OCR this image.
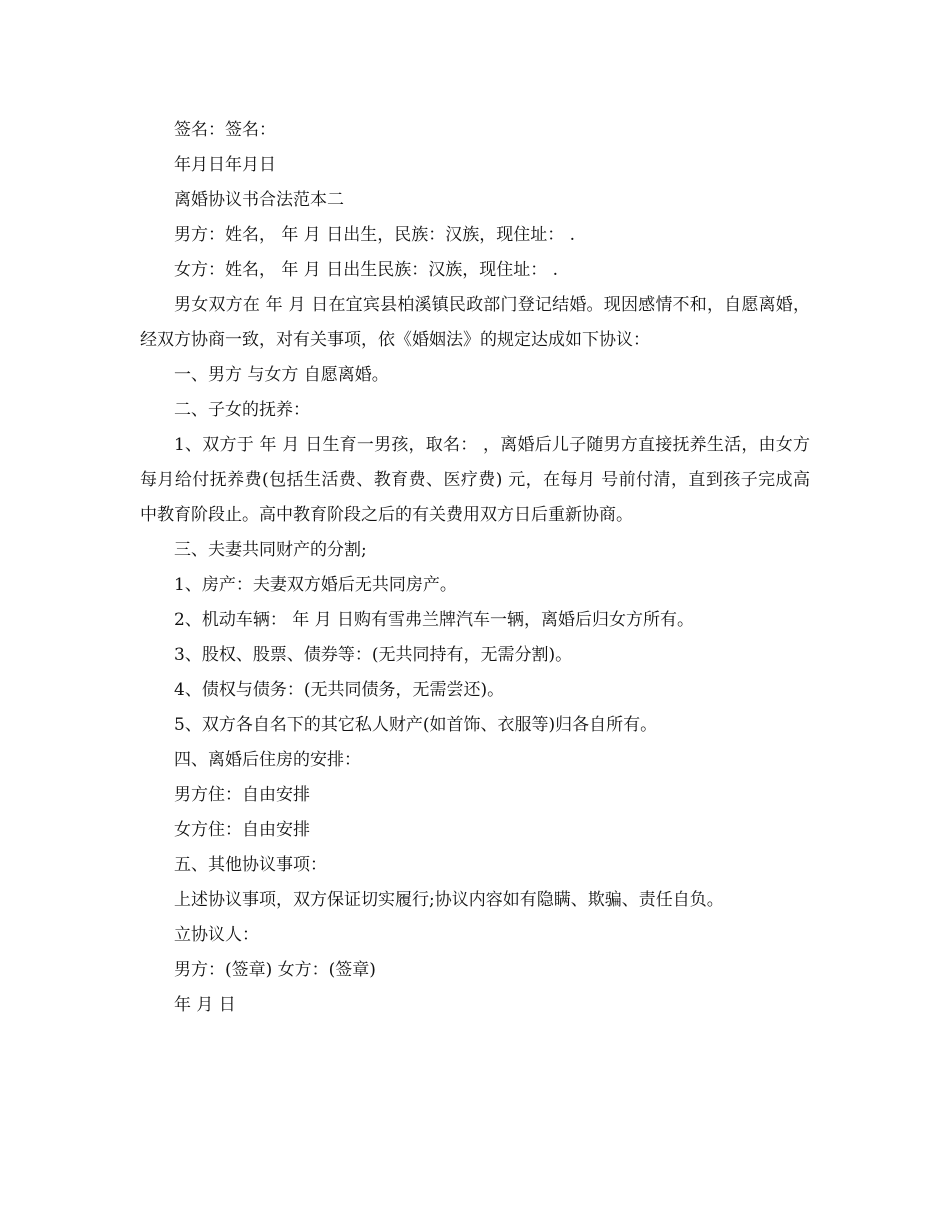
签名：签名：

年月日年月日

离婚协议书合法范本二

男方：姓名， 年 月 日出生，民族：汉族，现住址： .

女方：姓名， 年 月 日出生民族：汉族，现住址： .

男女双方在 年 月 日在宜宾县柏溪镇民政部门登记结婚。现因感情不和，自愿离婚，经双方协商一致，对有关事项，依《婚姻法》的规定达成如下协议：

一、男方 与女方 自愿离婚。

二、子女的抚养：

1、双方于 年 月 日生育一男孩，取名： ，离婚后儿子随男方直接抚养生活，由女方每月给付抚养费(包括生活费、教育费、医疗费) 元，在每月 号前付清，直到孩子完成高中教育阶段止。高中教育阶段之后的有关费用双方日后重新协商。

三、夫妻共同财产的分割;

1、房产：夫妻双方婚后无共同房产。

2、机动车辆： 年 月 日购有雪弗兰牌汽车一辆，离婚后归女方所有。

3、股权、股票、债券等：(无共同持有，无需分割)。

4、债权与债务：(无共同债务，无需尝还)。

5、双方各自名下的其它私人财产(如首饰、衣服等)归各自所有。

四、离婚后住房的安排：

男方住：自由安排

女方住：自由安排

五、其他协议事项：

上述协议事项，双方保证切实履行;协议内容如有隐瞒、欺骗、责任自负。

立协议人：

男方：(签章) 女方：(签章)

年 月 日
